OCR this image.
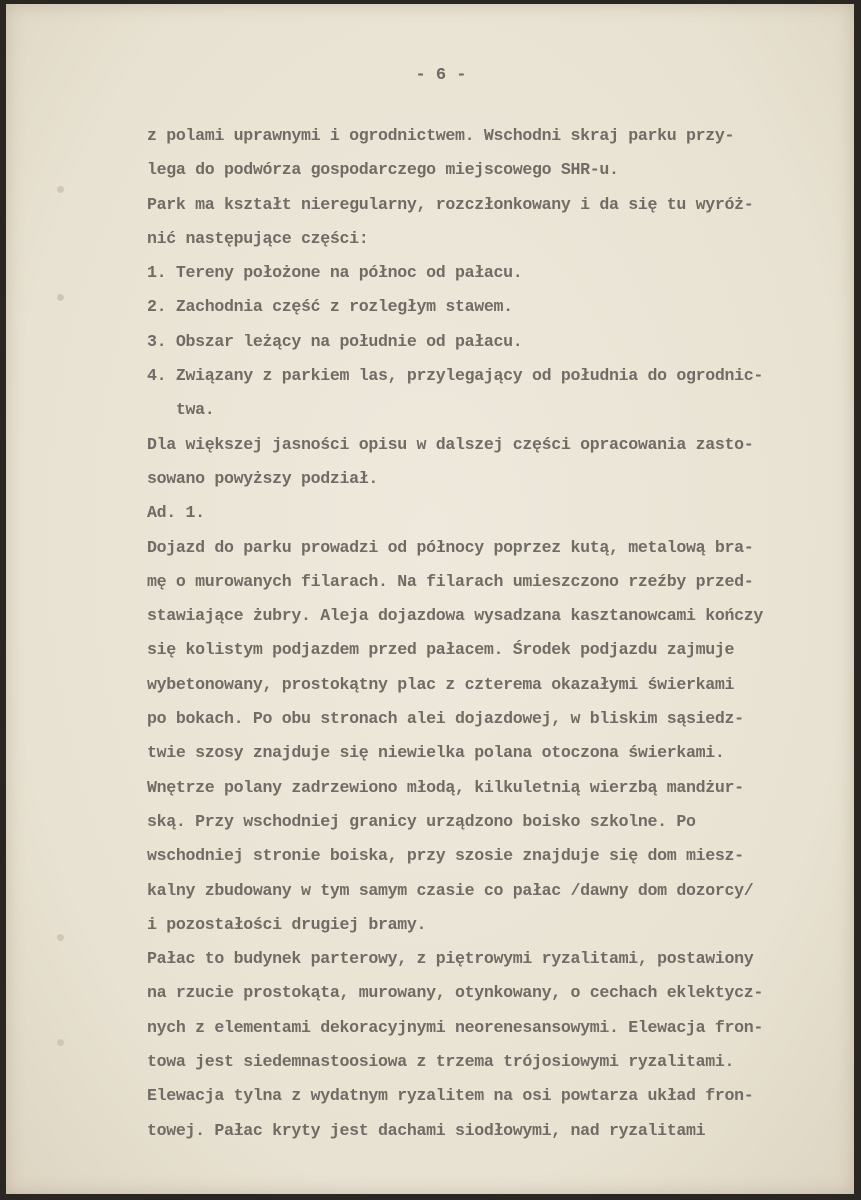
- 6 -
z polami uprawnymi i ogrodnictwem. Wschodni skraj parku przy-
lega do podwórza gospodarczego miejscowego SHR-u.
Park ma kształt nieregularny, rozczłonkowany i da się tu wyróż-
nić następujące części:
1. Tereny położone na północ od pałacu.
2. Zachodnia część z rozległym stawem.
3. Obszar leżący na południe od pałacu.
4. Związany z parkiem las, przylegający od południa do ogrodnic-
twa.
Dla większej jasności opisu w dalszej części opracowania zasto-
sowano powyższy podział.
Ad. 1.
Dojazd do parku prowadzi od północy poprzez kutą, metalową bra-
mę o murowanych filarach. Na filarach umieszczono rzeźby przed-
stawiające żubry. Aleja dojazdowa wysadzana kasztanowcami kończy
się kolistym podjazdem przed pałacem. Środek podjazdu zajmuje
wybetonowany, prostokątny plac z czterema okazałymi świerkami
po bokach. Po obu stronach alei dojazdowej, w bliskim sąsiedz-
twie szosy znajduje się niewielka polana otoczona świerkami.
Wnętrze polany zadrzewiono młodą, kilkuletnią wierzbą mandżur-
ską. Przy wschodniej granicy urządzono boisko szkolne. Po
wschodniej stronie boiska, przy szosie znajduje się dom miesz-
kalny zbudowany w tym samym czasie co pałac /dawny dom dozorcy/
i pozostałości drugiej bramy.
Pałac to budynek parterowy, z piętrowymi ryzalitami, postawiony
na rzucie prostokąta, murowany, otynkowany, o cechach eklektycz-
nych z elementami dekoracyjnymi neorenesansowymi. Elewacja fron-
towa jest siedemnastoosiowa z trzema trójosiowymi ryzalitami.
Elewacja tylna z wydatnym ryzalitem na osi powtarza układ fron-
towej. Pałac kryty jest dachami siodłowymi, nad ryzalitami
